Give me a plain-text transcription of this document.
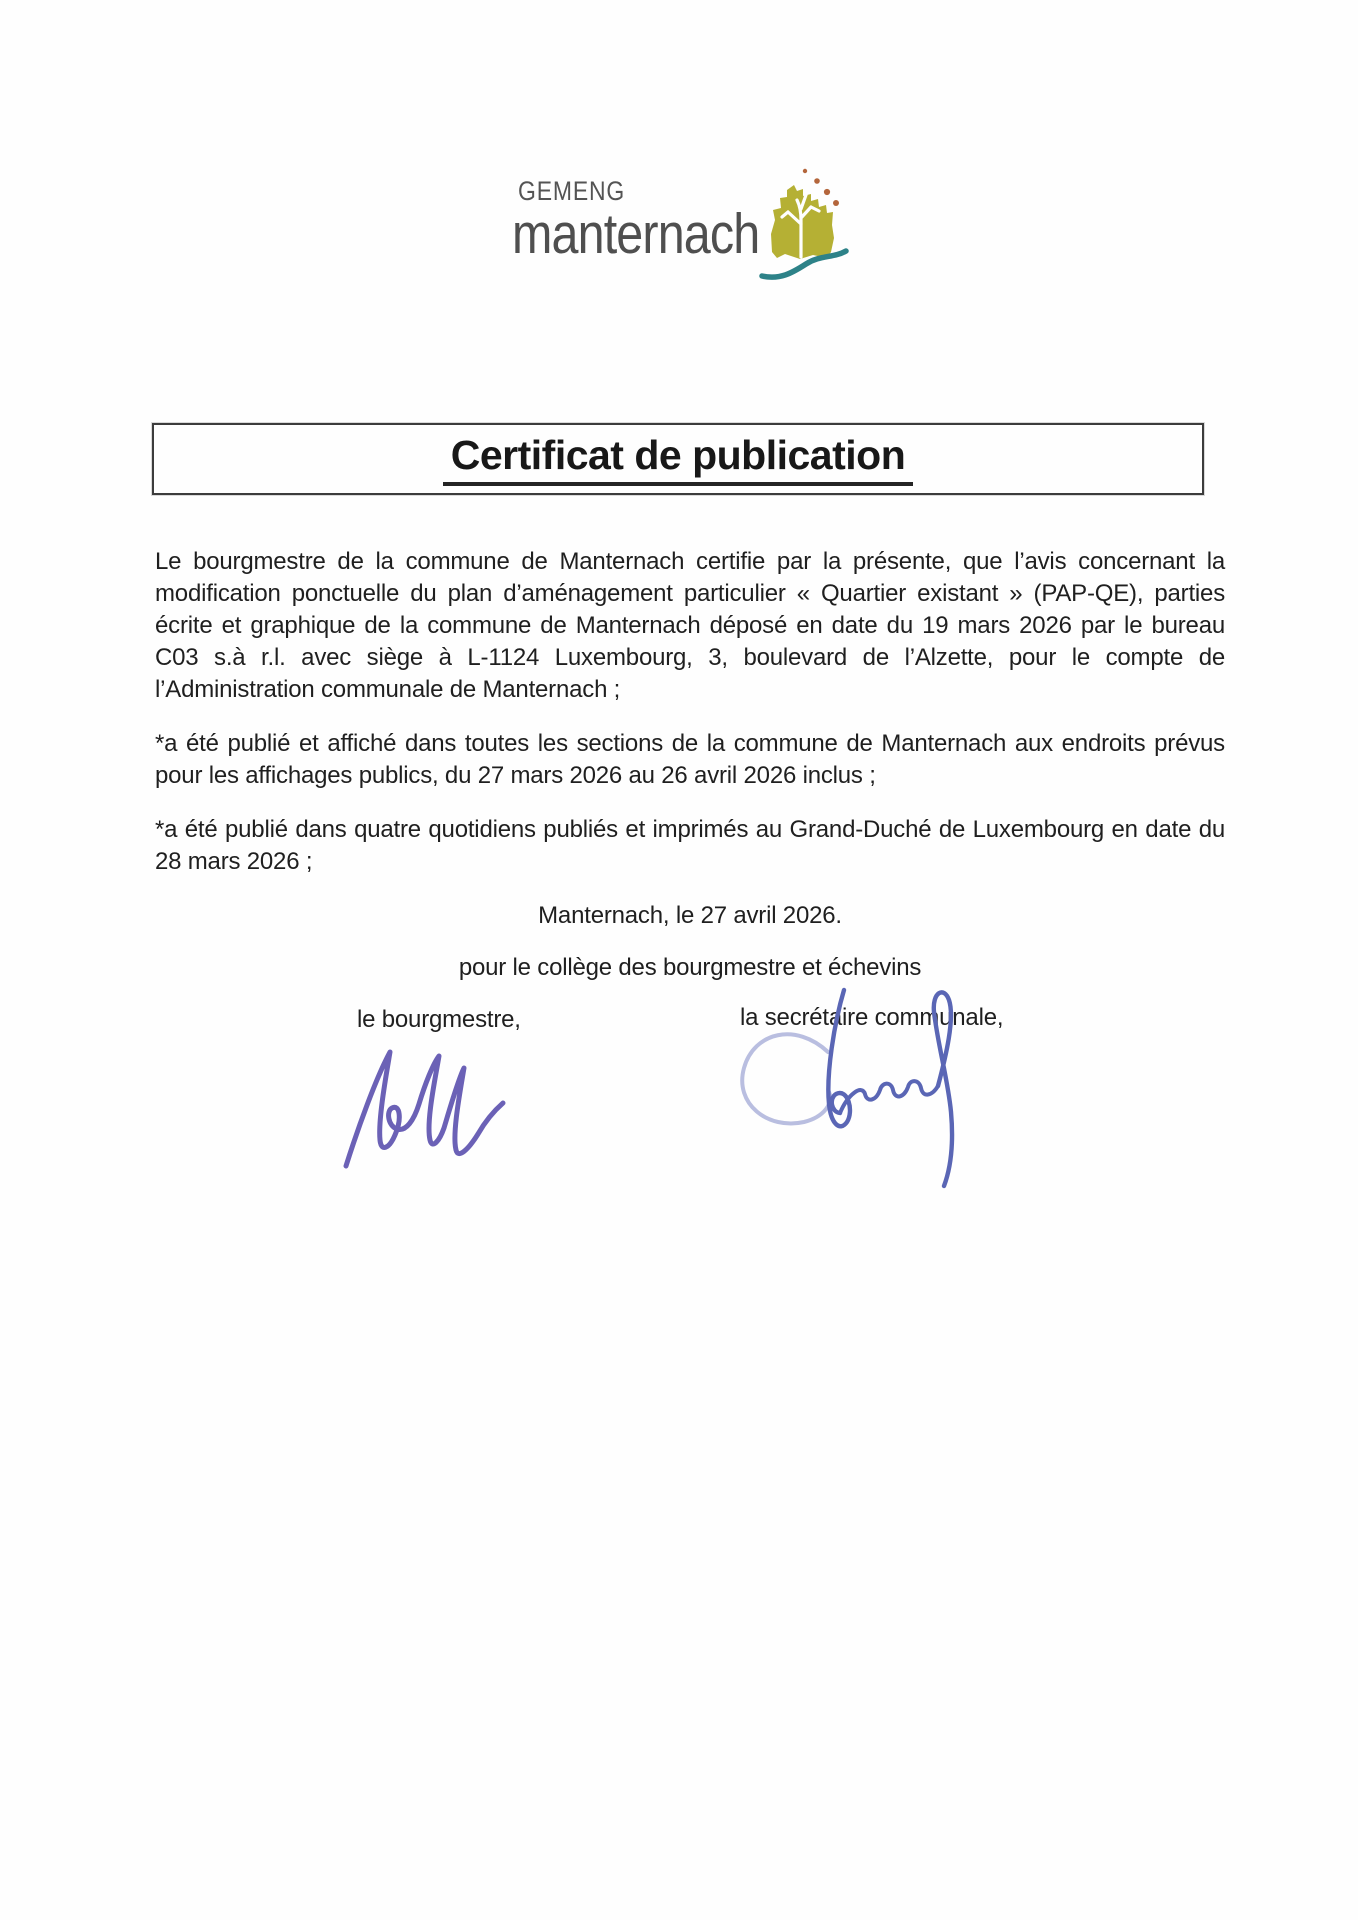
GEMENG
manternach
Certificat de publication

Le bourgmestre de la commune de Manternach certifie par la présente, que l’avis concernant la modification ponctuelle du plan d’aménagement particulier « Quartier existant » (PAP-QE), parties écrite et graphique de la commune de Manternach déposé en date du 19 mars 2026 par le bureau C03 s.à r.l. avec siège à L-1124 Luxembourg, 3, boulevard de l’Alzette, pour le compte de l’Administration communale de Manternach ;

*a été publié et affiché dans toutes les sections de la commune de Manternach aux endroits prévus pour les affichages publics, du 27 mars 2026 au 26 avril 2026 inclus ;

*a été publié dans quatre quotidiens publiés et imprimés au Grand-Duché de Luxembourg en date du 28 mars 2026 ;

Manternach, le 27 avril 2026.
pour le collège des bourgmestre et échevins
le bourgmestre,	la secrétaire communale,
